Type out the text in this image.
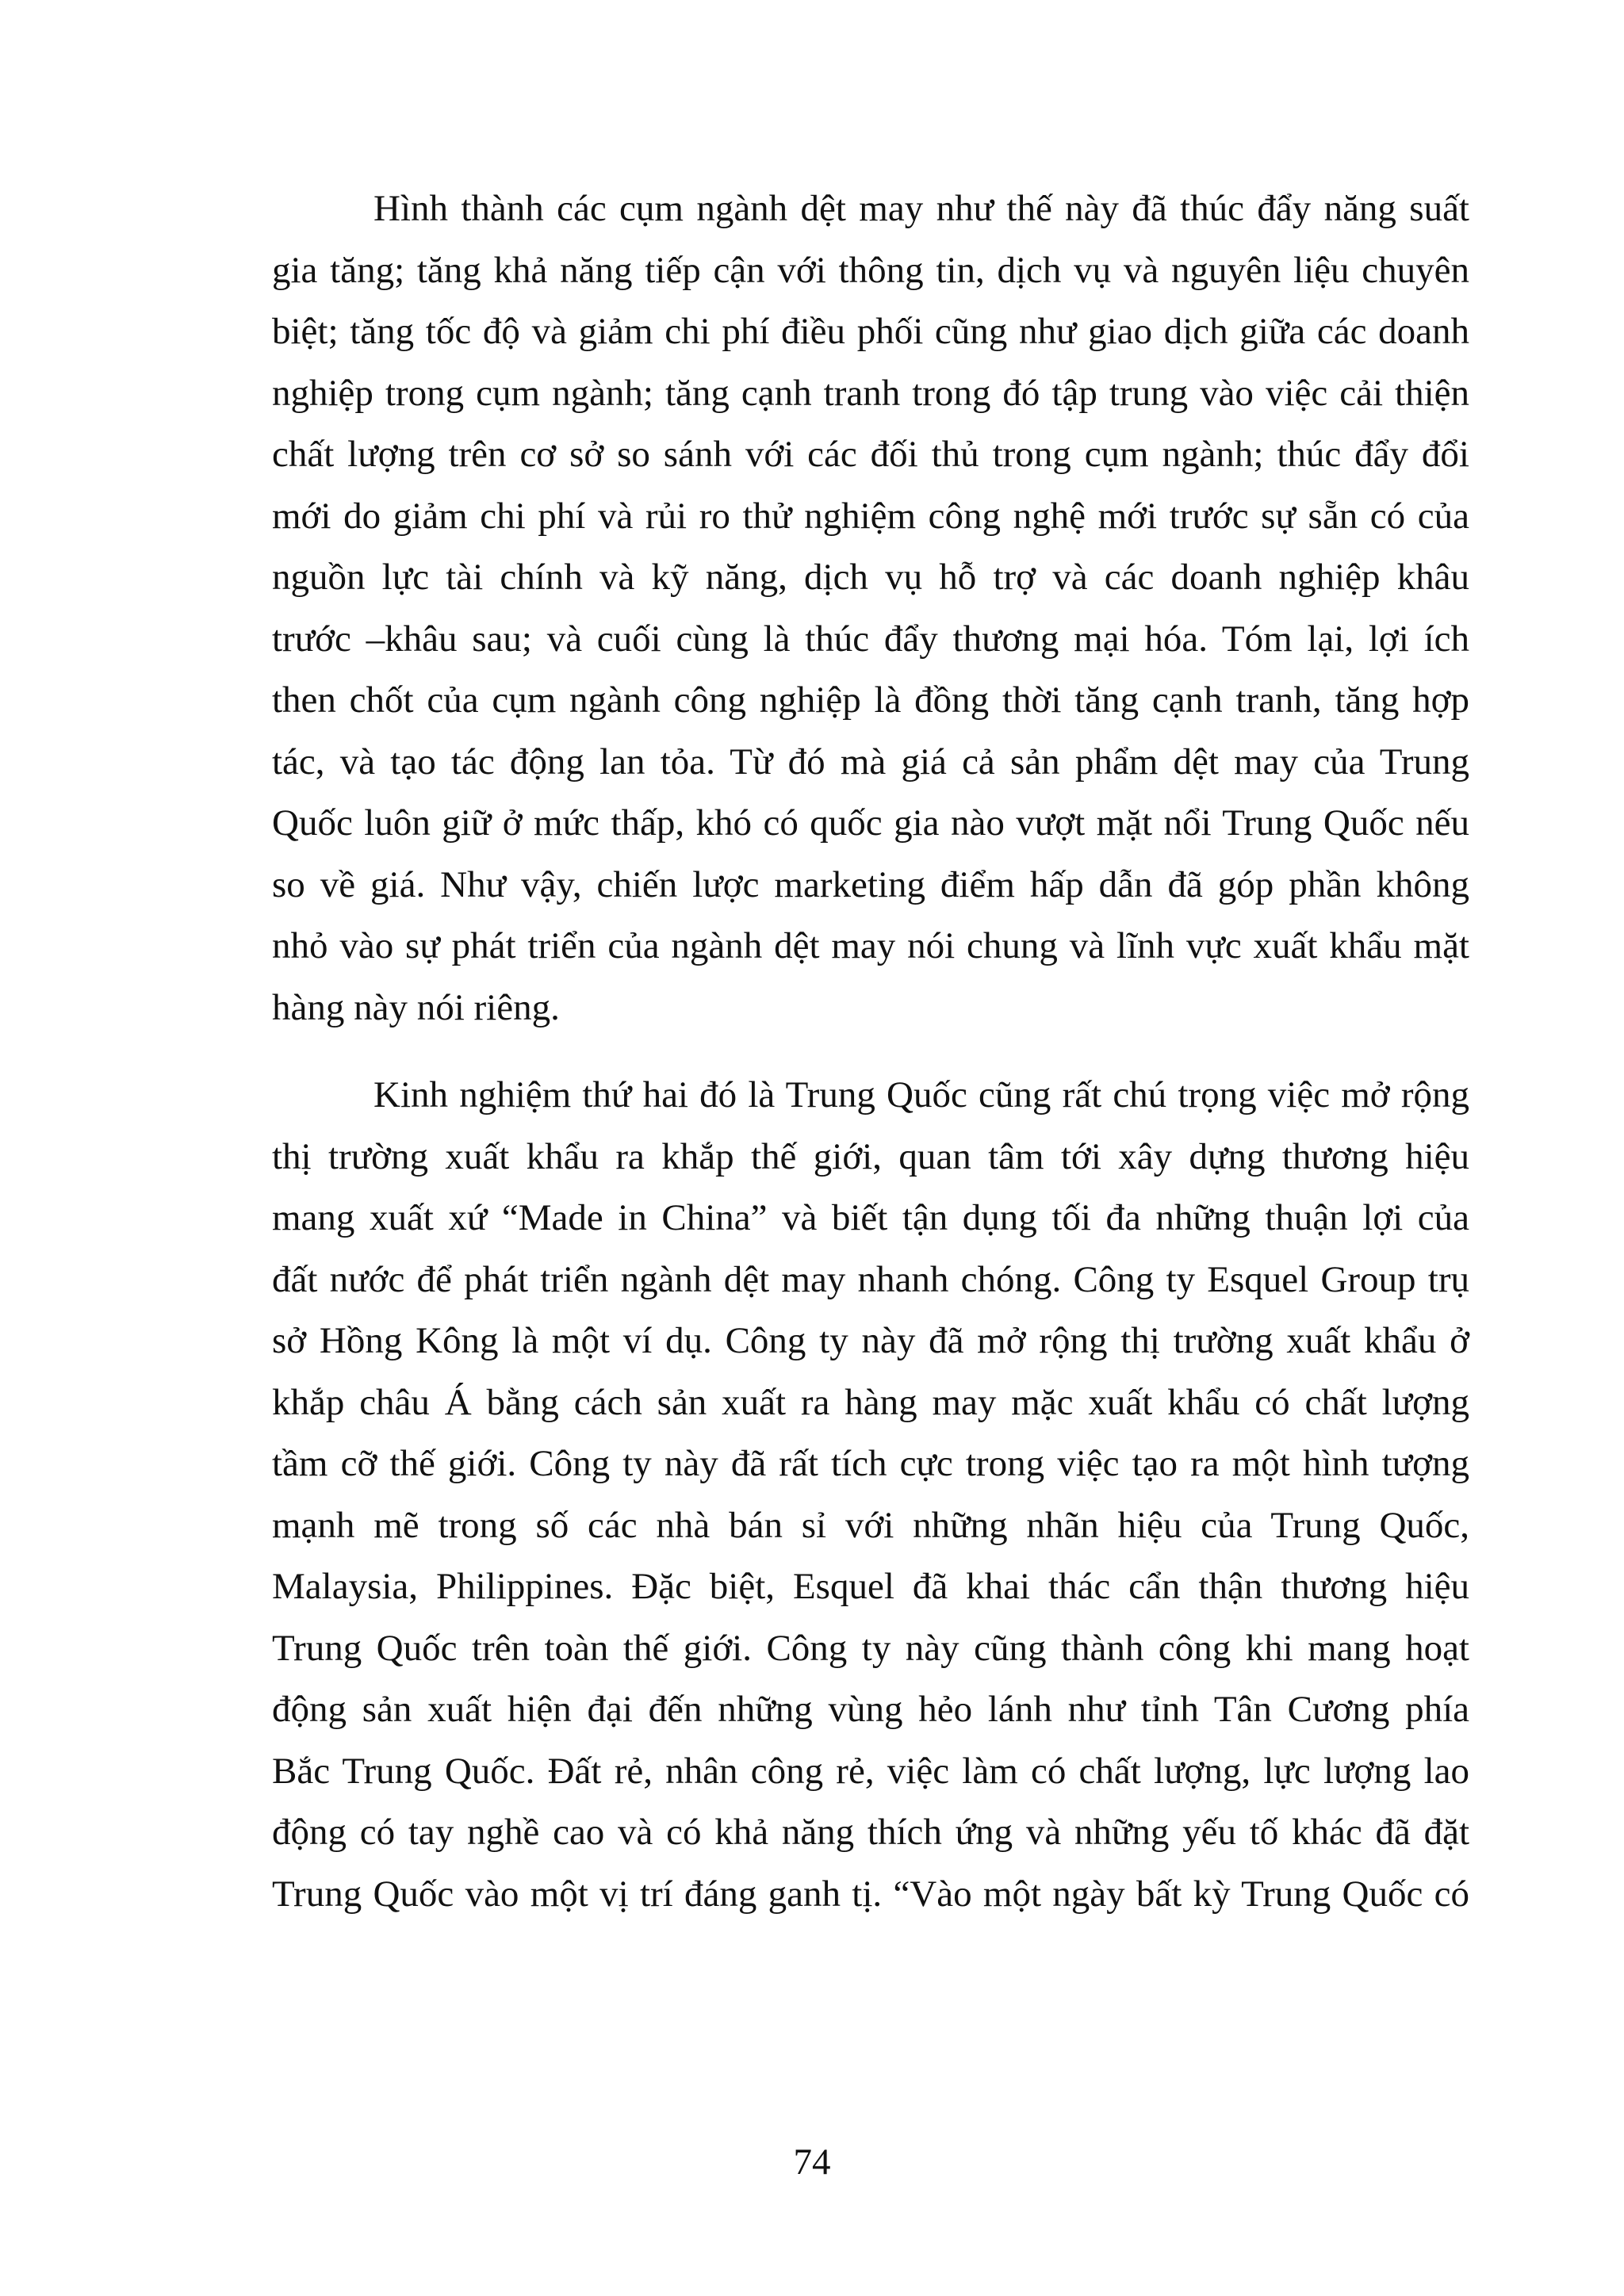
Hình thành các cụm ngành dệt may như thế này đã thúc đẩy năng suất
gia tăng; tăng khả năng tiếp cận với thông tin, dịch vụ và nguyên liệu chuyên
biệt; tăng tốc độ và giảm chi phí điều phối cũng như giao dịch giữa các doanh
nghiệp trong cụm ngành; tăng cạnh tranh trong đó tập trung vào việc cải thiện
chất lượng trên cơ sở so sánh với các đối thủ trong cụm ngành; thúc đẩy đổi
mới do giảm chi phí và rủi ro thử nghiệm công nghệ mới trước sự sẵn có của
nguồn lực tài chính và kỹ năng, dịch vụ hỗ trợ và các doanh nghiệp khâu
trước –khâu sau; và cuối cùng là thúc đẩy thương mại hóa. Tóm lại, lợi ích
then chốt của cụm ngành công nghiệp là đồng thời tăng cạnh tranh, tăng hợp
tác, và tạo tác động lan tỏa. Từ đó mà giá cả sản phẩm dệt may của Trung
Quốc luôn giữ ở mức thấp, khó có quốc gia nào vượt mặt nổi Trung Quốc nếu
so về giá. Như vậy, chiến lược marketing điểm hấp dẫn đã góp phần không
nhỏ vào sự phát triển của ngành dệt may nói chung và lĩnh vực xuất khẩu mặt
hàng này nói riêng.

Kinh nghiệm thứ hai đó là Trung Quốc cũng rất chú trọng việc mở rộng
thị trường xuất khẩu ra khắp thế giới, quan tâm tới xây dựng thương hiệu
mang xuất xứ “Made in China” và biết tận dụng tối đa những thuận lợi của
đất nước để phát triển ngành dệt may nhanh chóng. Công ty Esquel Group trụ
sở Hồng Kông là một ví dụ. Công ty này đã mở rộng thị trường xuất khẩu ở
khắp châu Á bằng cách sản xuất ra hàng may mặc xuất khẩu có chất lượng
tầm cỡ thế giới. Công ty này đã rất tích cực trong việc tạo ra một hình tượng
mạnh mẽ trong số các nhà bán sỉ với những nhãn hiệu của Trung Quốc,
Malaysia, Philippines. Đặc biệt, Esquel đã khai thác cẩn thận thương hiệu
Trung Quốc trên toàn thế giới. Công ty này cũng thành công khi mang hoạt
động sản xuất hiện đại đến những vùng hẻo lánh như tỉnh Tân Cương phía
Bắc Trung Quốc. Đất rẻ, nhân công rẻ, việc làm có chất lượng, lực lượng lao
động có tay nghề cao và có khả năng thích ứng và những yếu tố khác đã đặt
Trung Quốc vào một vị trí đáng ganh tị. “Vào một ngày bất kỳ Trung Quốc có

74
